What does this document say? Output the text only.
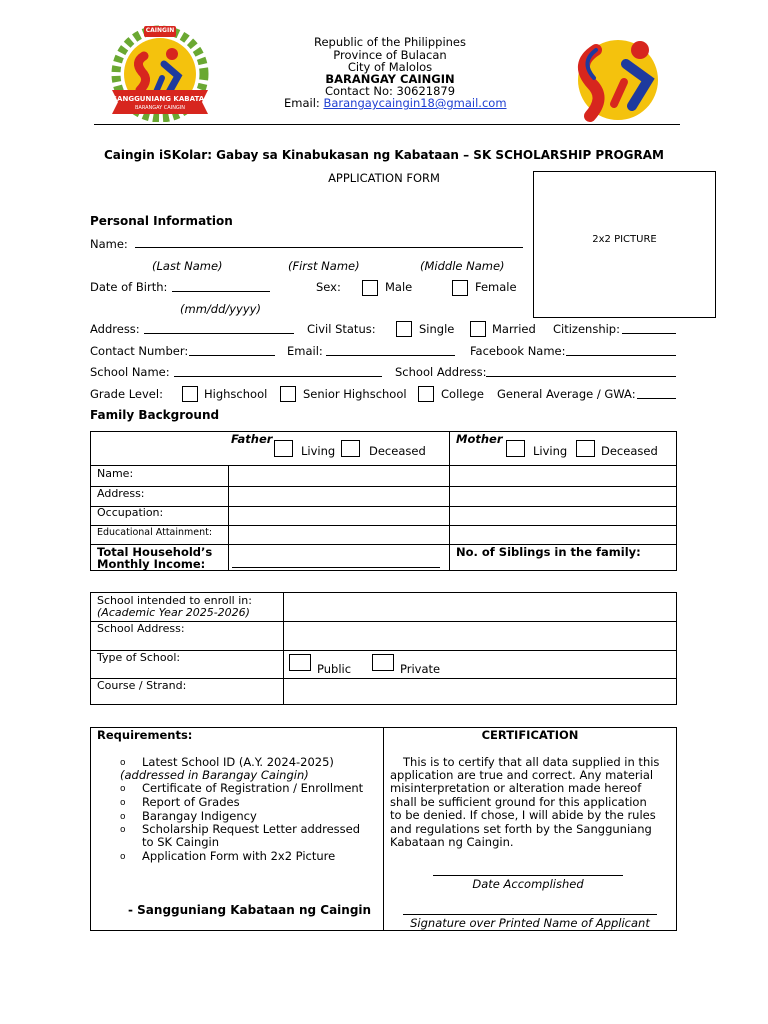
CAINGIN
SANGGUNIANG KABATAAN
BARANGAY CAINGIN
Republic of the Philippines
Province of Bulacan
City of Malolos
BARANGAY CAINGIN
Contact No: 30621879
Email: Barangaycaingin18@gmail.com
Caingin iSKolar: Gabay sa Kinabukasan ng Kabataan – SK SCHOLARSHIP PROGRAM
APPLICATION FORM
2x2 PICTURE
Personal Information
Name:
(Last Name)	(First Name)	(Middle Name)
Date of Birth:	Sex:	Male	Female
(mm/dd/yyyy)
Address:	Civil Status:	Single	Married Citizenship:
Contact Number:	Email:	Facebook Name:
School Name:	School Address:
Grade Level:	Highschool	Senior Highschool	College General Average / GWA:
Family Background
Father
Living	Deceased
Mother
Living	Deceased
Name:
Address:
Occupation:
Educational Attainment:
Total Household’s
Monthly Income:
No. of Siblings in the family:
School intended to enroll in:
(Academic Year 2025-2026)
School Address:
Type of School:
Public	Private
Course / Strand:
Requirements:
o Latest School ID (A.Y. 2024-2025)
(addressed in Barangay Caingin)
o Certificate of Registration / Enrollment
o Report of Grades
o Barangay Indigency
o Scholarship Request Letter addressed
to SK Caingin
o Application Form with 2x2 Picture
- Sangguniang Kabataan ng Caingin
CERTIFICATION
This is to certify that all data supplied in this
application are true and correct. Any material
misinterpretation or alteration made hereof
shall be sufficient ground for this application
to be denied. If chose, I will abide by the rules
and regulations set forth by the Sangguniang
Kabataan ng Caingin.
Date Accomplished
Signature over Printed Name of Applicant
